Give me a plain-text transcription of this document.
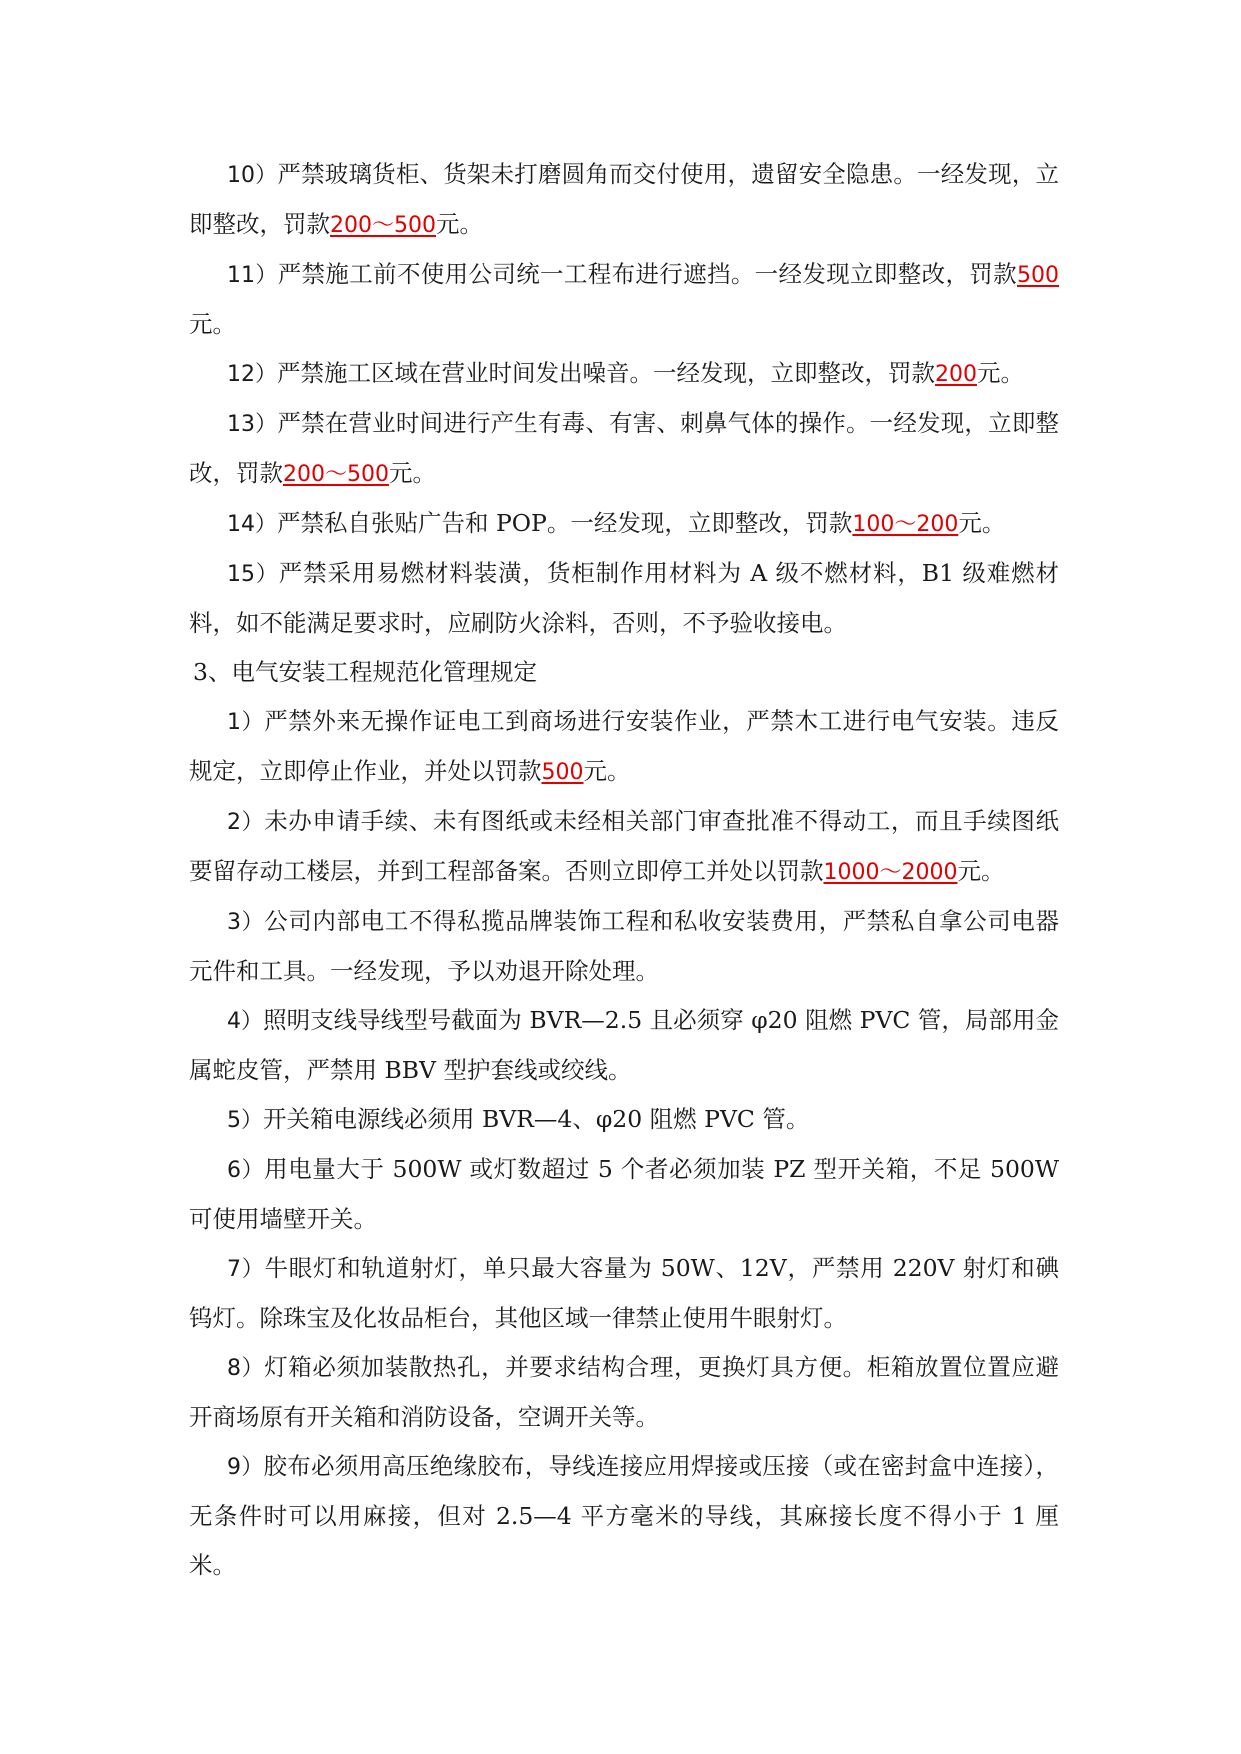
10）严禁玻璃货柜、货架未打磨圆角而交付使用，遗留安全隐患。一经发现，立即整改，罚款200～500元。

11）严禁施工前不使用公司统一工程布进行遮挡。一经发现立即整改，罚款500元。

12）严禁施工区域在营业时间发出噪音。一经发现，立即整改，罚款200元。

13）严禁在营业时间进行产生有毒、有害、刺鼻气体的操作。一经发现，立即整改，罚款200～500元。

14）严禁私自张贴广告和 POP。一经发现，立即整改，罚款100～200元。

15）严禁采用易燃材料装潢，货柜制作用材料为 A 级不燃材料，B1 级难燃材料，如不能满足要求时，应刷防火涂料，否则，不予验收接电。

3、电气安装工程规范化管理规定

1）严禁外来无操作证电工到商场进行安装作业，严禁木工进行电气安装。违反规定，立即停止作业，并处以罚款500元。

2）未办申请手续、未有图纸或未经相关部门审查批准不得动工，而且手续图纸要留存动工楼层，并到工程部备案。否则立即停工并处以罚款1000～2000元。

3）公司内部电工不得私揽品牌装饰工程和私收安装费用，严禁私自拿公司电器元件和工具。一经发现，予以劝退开除处理。

4）照明支线导线型号截面为 BVR—2.5 且必须穿 φ20 阻燃 PVC 管，局部用金属蛇皮管，严禁用 BBV 型护套线或绞线。

5）开关箱电源线必须用 BVR—4、φ20 阻燃 PVC 管。

6）用电量大于 500W 或灯数超过 5 个者必须加装 PZ 型开关箱，不足 500W 可使用墙壁开关。

7）牛眼灯和轨道射灯，单只最大容量为 50W、12V，严禁用 220V 射灯和碘钨灯。除珠宝及化妆品柜台，其他区域一律禁止使用牛眼射灯。

8）灯箱必须加装散热孔，并要求结构合理，更换灯具方便。柜箱放置位置应避开商场原有开关箱和消防设备，空调开关等。

9）胶布必须用高压绝缘胶布，导线连接应用焊接或压接（或在密封盒中连接），无条件时可以用麻接，但对 2.5—4 平方毫米的导线，其麻接长度不得小于 1 厘米。
